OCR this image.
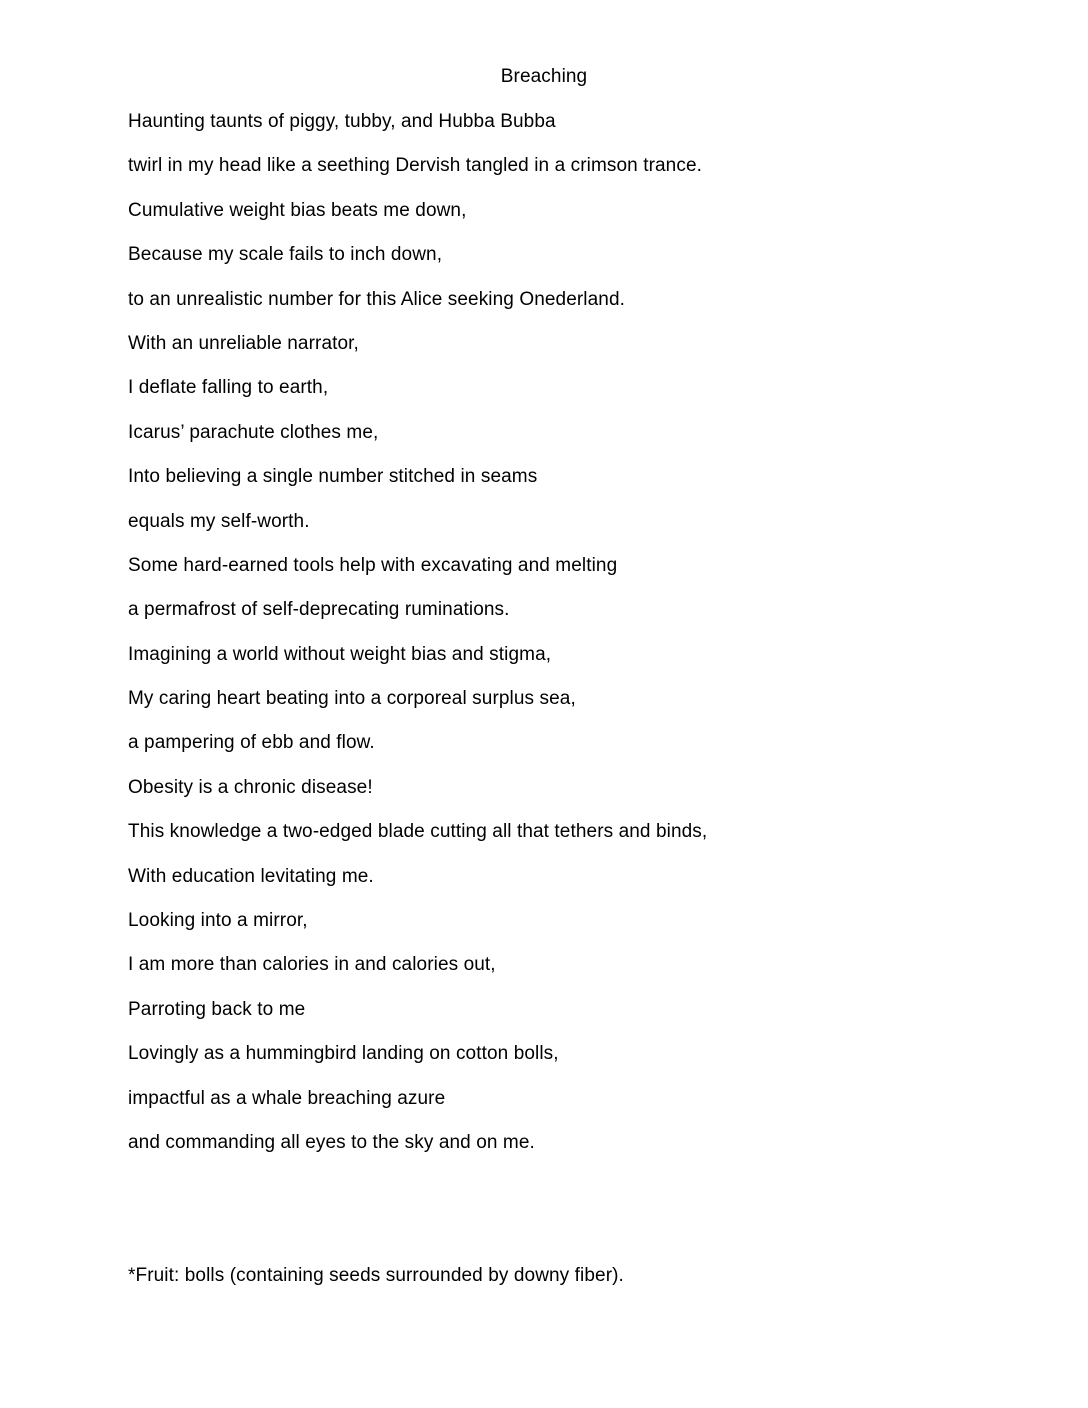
Breaching
Haunting taunts of piggy, tubby, and Hubba Bubba
twirl in my head like a seething Dervish tangled in a crimson trance.
Cumulative weight bias beats me down,
Because my scale fails to inch down,
to an unrealistic number for this Alice seeking Onederland.
With an unreliable narrator,
I deflate falling to earth,
Icarus’ parachute clothes me,
Into believing a single number stitched in seams
equals my self-worth.
Some hard-earned tools help with excavating and melting
a permafrost of self-deprecating ruminations.
Imagining a world without weight bias and stigma,
My caring heart beating into a corporeal surplus sea,
a pampering of ebb and flow.
Obesity is a chronic disease!
This knowledge a two-edged blade cutting all that tethers and binds,
With education levitating me.
Looking into a mirror,
I am more than calories in and calories out,
Parroting back to me
Lovingly as a hummingbird landing on cotton bolls,
impactful as a whale breaching azure
and commanding all eyes to the sky and on me.
*Fruit: bolls (containing seeds surrounded by downy fiber).
